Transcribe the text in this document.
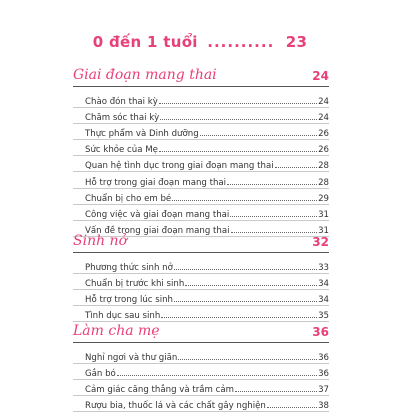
0 đến 1 tuổi .......... 23
Giai đoạn mang thai	24
Chào đón thai kỳ	24
Chăm sóc thai kỳ	24
Thực phẩm và Dinh dưỡng	26
Sức khỏe của Mẹ	26
Quan hệ tình dục trong giai đoạn mang thai	28
Hỗ trợ trong giai đoạn mang thai	28
Chuẩn bị cho em bé	29
Công việc và giai đoạn mang thai	31
Vấn đề trong giai đoạn mang thai	31
Sinh nở	32
Phương thức sinh nở	33
Chuẩn bị trước khi sinh	34
Hỗ trợ trong lúc sinh	34
Tình dục sau sinh	35
Làm cha mẹ	36
Nghỉ ngơi và thư giãn	36
Gắn bó	36
Cảm giác căng thẳng và trầm cảm	37
Rượu bia, thuốc lá và các chất gây nghiện	38
